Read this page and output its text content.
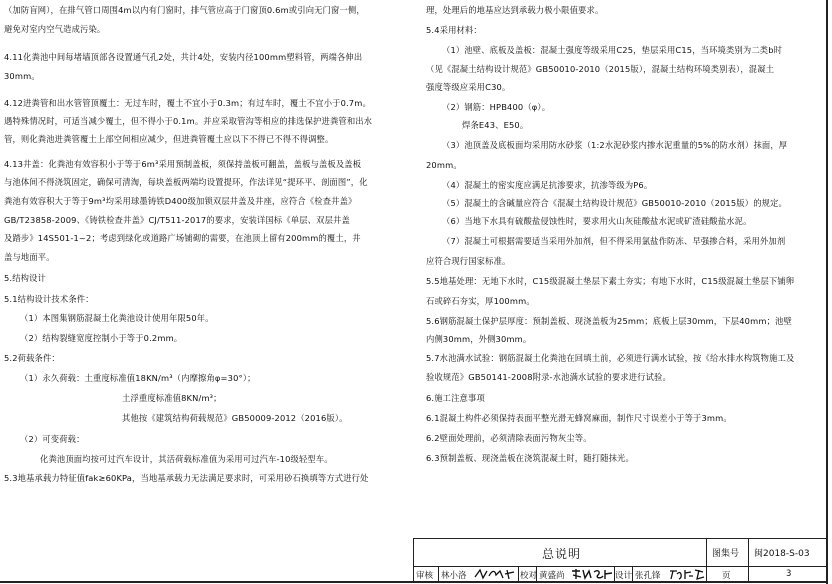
（加防盲网），在排气管口周围4m以内有门窗时，排气管应高于门窗顶0.6m或引向无门窗一侧，
避免对室内空气造成污染。
4.11化粪池中间每堵墙顶部各设置通气孔2处，共计4处，安装内径100mm塑料管，两端各伸出
30mm。
4.12进粪管和出水管管顶覆土：无过车时，覆土不宜小于0.3m；有过车时，覆土不宜小于0.7m。
遇特殊情况时，可适当减少覆土，但不得小于0.1m。并应采取管沟等相应的排选保护进粪管和出水
管，则化粪池进粪管覆土上部空间相应减少，但进粪管覆土应以下不得已不得不得调整。
4.13井盖：化粪池有效容积小于等于6m³采用预制盖板，须保持盖板可翻盖，盖板与盖板及盖板
与池体间不得浇筑固定，确保可清淘，每块盖板两端均设置提环，作法详见“提环平、剖面图”，化
粪池有效容积大于等于9m³均采用球墨铸铁D400级加锁双层井盖及井座，应符合《检查井盖》
GB/T23858-2009、《铸铁检查井盖》CJ/T511-2017的要求，安装详国标《单层、双层井盖
及踏步》14S501-1~2；考虑到绿化或道路广场铺砌的需要，在池顶上留有200mm的覆土，井
盖与地面平。
5.结构设计
5.1结构设计技术条件：
（1）本图集钢筋混凝土化粪池设计使用年限50年。
（2）结构裂缝宽度控制小于等于0.2mm。
5.2荷载条件：
（1）永久荷载：土重度标准值18KN/m³（内摩擦角φ=30°）；
土浮重度标准值8KN/m³；
其他按《建筑结构荷载规范》GB50009-2012（2016版）。
（2）可变荷载：
化粪池顶面均按可过汽车设计，其活荷载标准值为采用可过汽车-10级轻型车。
5.3地基承载力特征值fak≥60KPa，当地基承载力无法满足要求时，可采用砂石换填等方式进行处
理，处理后的地基应达到承载力极小限值要求。
5.4采用材料：
（1）池壁、底板及盖板：混凝土强度等级采用C25，垫层采用C15，当环境类别为二类b时
（见《混凝土结构设计规范》GB50010-2010（2015版），混凝土结构环境类别表），混凝土
强度等级应采用C30。
（2）钢筋：HPB400（φ）。
焊条E43、E50。
（3）池顶盖及底板面均采用防水砂浆（1:2水泥砂浆内掺水泥重量的5%的防水剂）抹面，厚
20mm。
（4）混凝土的密实度应满足抗渗要求，抗渗等级为P6。
（5）混凝土的含碱量应符合《混凝土结构设计规范》GB50010-2010（2015版）的规定。
（6）当地下水具有硫酸盐侵蚀性时，要求用火山灰硅酸盐水泥或矿渣硅酸盐水泥。
（7）混凝土可根据需要适当采用外加剂，但不得采用氯盐作防冻、早强掺合料，采用外加剂
应符合现行国家标准。
5.5地基处理：无地下水时，C15级混凝土垫层下素土夯实；有地下水时，C15级混凝土垫层下铺卵
石或碎石夯实，厚100mm。
5.6钢筋混凝土保护层厚度：预制盖板、现浇盖板为25mm；底板上层30mm，下层40mm；池壁
内侧30mm，外侧30mm。
5.7水池满水试验：钢筋混凝土化粪池在回填土前，必须进行满水试验，按《给水排水构筑物施工及
验收规范》GB50141-2008附录-水池满水试验的要求进行试验。
6.施工注意事项
6.1混凝土构件必须保持表面平整光滑无蜂窝麻面，制作尺寸误差小于等于3mm。
6.2壁面处理前，必须清除表面污物灰尘等。
6.3预制盖板、现浇盖板在浇筑混凝土时，随打随抹光。
总说明	图集号 闽2018-S-03
审核 林小洛	校对 黄盛尚	设计 张孔锋	页	3
